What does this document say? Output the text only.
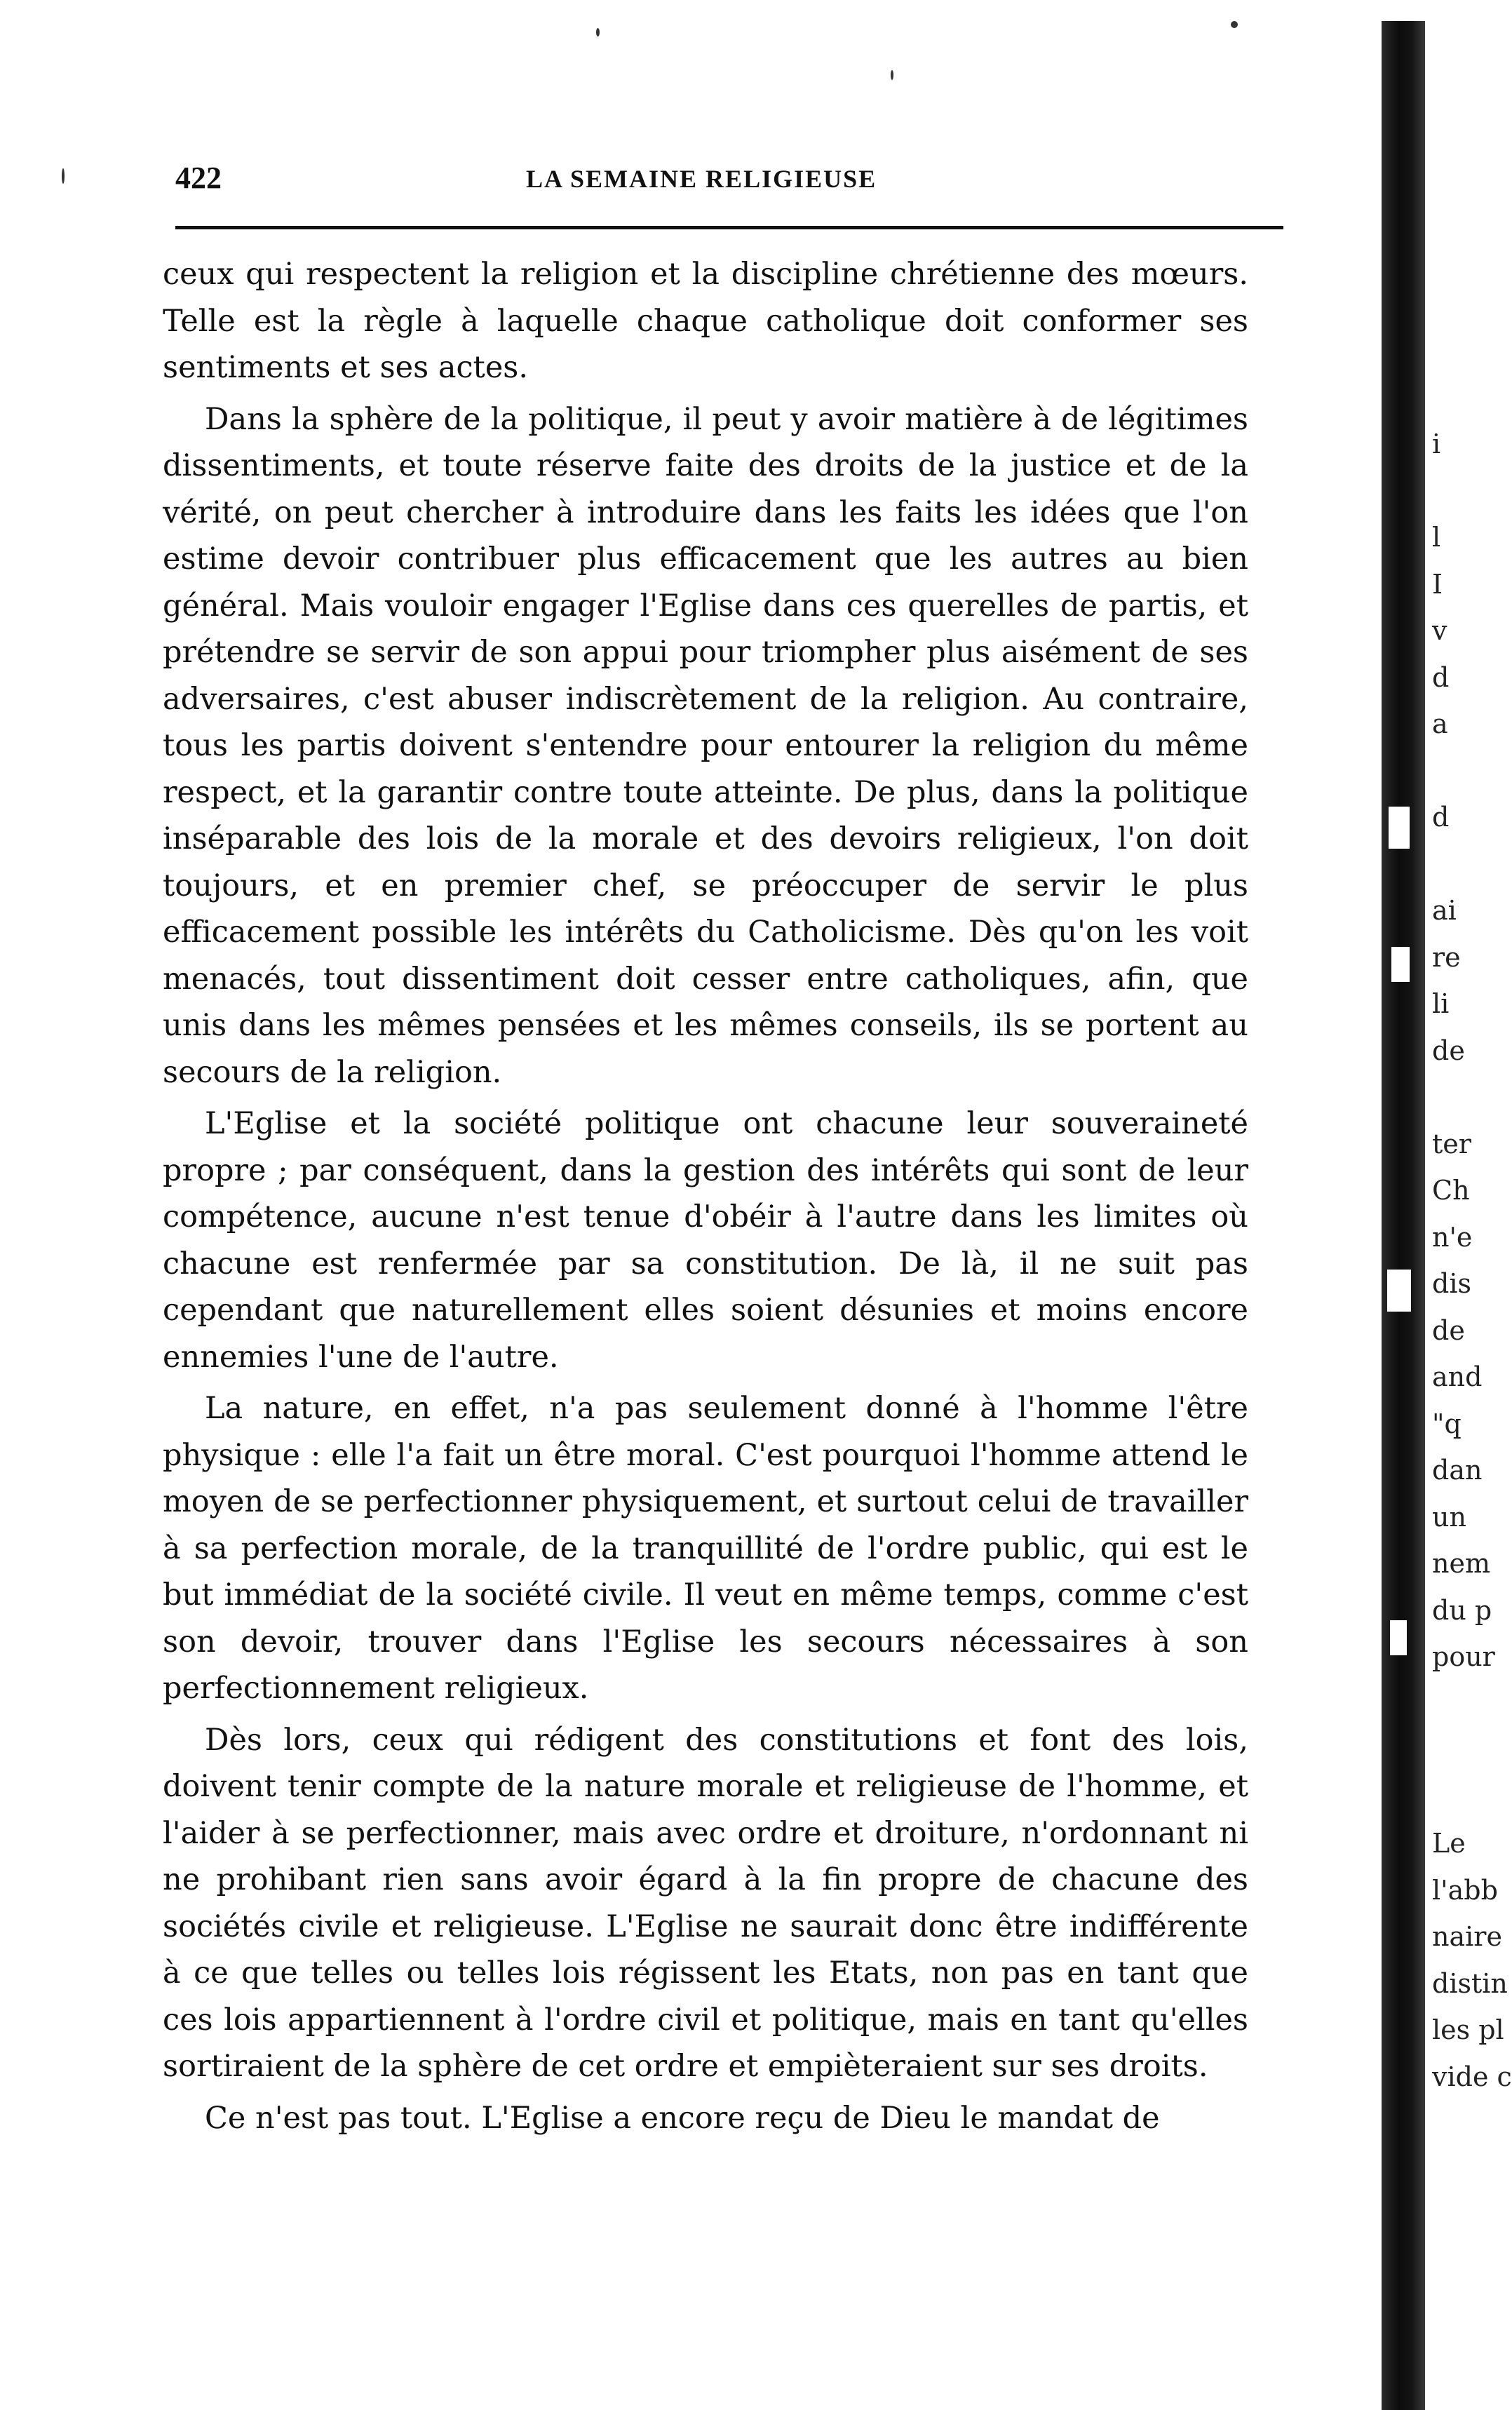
422	LA SEMAINE RELIGIEUSE

ceux qui respectent la religion et la discipline chrétienne des mœurs. Telle est la règle à laquelle chaque catholique doit conformer ses sentiments et ses actes.

Dans la sphère de la politique, il peut y avoir matière à de légitimes dissentiments, et toute réserve faite des droits de la justice et de la vérité, on peut chercher à introduire dans les faits les idées que l'on estime devoir contribuer plus efficacement que les autres au bien général. Mais vouloir engager l'Eglise dans ces querelles de partis, et prétendre se servir de son appui pour triompher plus aisément de ses adversaires, c'est abuser indiscrètement de la religion. Au contraire, tous les partis doivent s'entendre pour entourer la religion du même respect, et la garantir contre toute atteinte. De plus, dans la politique inséparable des lois de la morale et des devoirs religieux, l'on doit toujours, et en premier chef, se préoccuper de servir le plus efficacement possible les intérêts du Catholicisme. Dès qu'on les voit menacés, tout dissentiment doit cesser entre catholiques, afin, que unis dans les mêmes pensées et les mêmes conseils, ils se portent au secours de la religion.

L'Eglise et la société politique ont chacune leur souveraineté propre ; par conséquent, dans la gestion des intérêts qui sont de leur compétence, aucune n'est tenue d'obéir à l'autre dans les limites où chacune est renfermée par sa constitution. De là, il ne suit pas cependant que naturellement elles soient désunies et moins encore ennemies l'une de l'autre.

La nature, en effet, n'a pas seulement donné à l'homme l'être physique : elle l'a fait un être moral. C'est pourquoi l'homme attend le moyen de se perfectionner physiquement, et surtout celui de travailler à sa perfection morale, de la tranquillité de l'ordre public, qui est le but immédiat de la société civile. Il veut en même temps, comme c'est son devoir, trouver dans l'Eglise les secours nécessaires à son perfectionnement religieux.

Dès lors, ceux qui rédigent des constitutions et font des lois, doivent tenir compte de la nature morale et religieuse de l'homme, et l'aider à se perfectionner, mais avec ordre et droiture, n'ordonnant ni ne prohibant rien sans avoir égard à la fin propre de chacune des sociétés civile et religieuse. L'Eglise ne saurait donc être indifférente à ce que telles ou telles lois régissent les Etats, non pas en tant que ces lois appartiennent à l'ordre civil et politique, mais en tant qu'elles sortiraient de la sphère de cet ordre et empièteraient sur ses droits.

Ce n'est pas tout. L'Eglise a encore reçu de Dieu le mandat de

i
l
I
v
d
a
d
ai
re
li
de
ter
Ch
n'e
dis
de
and
"q
dan
un
nem
du p
pour
Le
l'abb
naire
distin
les pl
vide c
